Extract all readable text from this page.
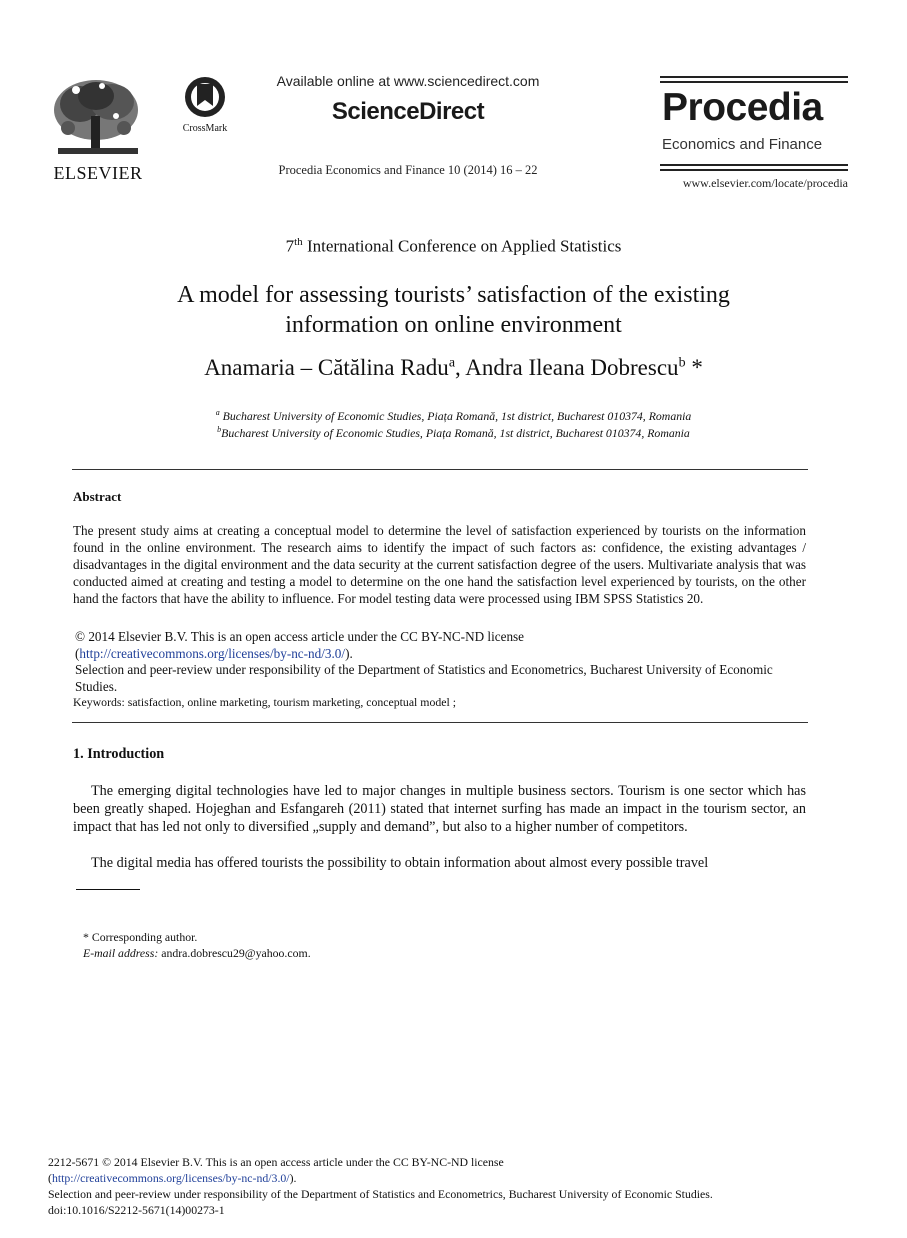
ELSEVIER
CrossMark
Available online at www.sciencedirect.com
ScienceDirect
Procedia Economics and Finance 10 (2014) 16 – 22
Procedia
Economics and Finance
www.elsevier.com/locate/procedia
7th International Conference on Applied Statistics
A model for assessing tourists’ satisfaction of the existing
information on online environment
Anamaria – Cătălina Radu$^a$, Andra Ileana Dobrescu$^b$ *
$^a$ Bucharest University of Economic Studies, Piața Romană, 1st district, Bucharest 010374, Romania
$^b$Bucharest University of Economic Studies, Piața Romană, 1st district, Bucharest 010374, Romania
Abstract
The present study aims at creating a conceptual model to determine the level of satisfaction experienced by tourists on the information found in the online environment. The research aims to identify the impact of such factors as: confidence, the existing advantages / disadvantages in the digital environment and the data security at the current satisfaction degree of the users. Multivariate analysis that was conducted aimed at creating and testing a model to determine on the one hand the satisfaction level experienced by tourists, on the other hand the factors that have the ability to influence. For model testing data were processed using IBM SPSS Statistics 20.
© 2014 Elsevier B.V. This is an open access article under the CC BY-NC-ND license
(http://creativecommons.org/licenses/by-nc-nd/3.0/).
Selection and peer-review under responsibility of the Department of Statistics and Econometrics, Bucharest University of Economic Studies.
Keywords: satisfaction, online marketing, tourism marketing, conceptual model ;
1. Introduction
The emerging digital technologies have led to major changes in multiple business sectors. Tourism is one sector which has been greatly shaped. Hojeghan and Esfangareh (2011) stated that internet surfing has made an impact in the tourism sector, an impact that has led not only to diversified „supply and demand”, but also to a higher number of competitors.
The digital media has offered tourists the possibility to obtain information about almost every possible travel
* Corresponding author.
E-mail address: andra.dobrescu29@yahoo.com.
2212-5671 © 2014 Elsevier B.V. This is an open access article under the CC BY-NC-ND license
(http://creativecommons.org/licenses/by-nc-nd/3.0/).
Selection and peer-review under responsibility of the Department of Statistics and Econometrics, Bucharest University of Economic Studies.
doi:10.1016/S2212-5671(14)00273-1
